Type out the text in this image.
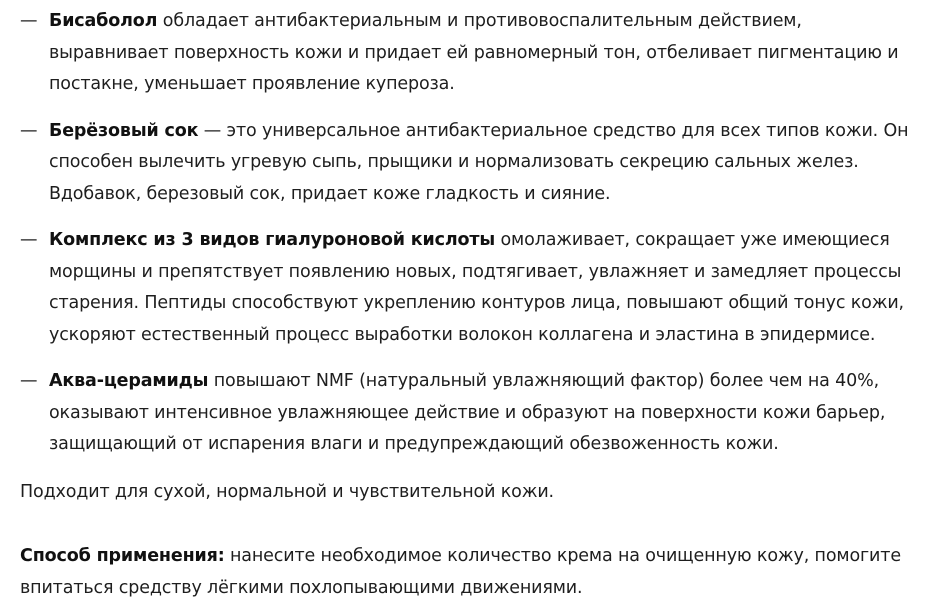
— Бисаболол обладает антибактериальным и противовоспалительным действием, выравнивает поверхность кожи и придает ей равномерный тон, отбеливает пигментацию и постакне, уменьшает проявление купероза.
— Берёзовый сок — это универсальное антибактериальное средство для всех типов кожи. Он способен вылечить угревую сыпь, прыщики и нормализовать секрецию сальных желез. Вдобавок, березовый сок, придает коже гладкость и сияние.
— Комплекс из 3 видов гиалуроновой кислоты омолаживает, сокращает уже имеющиеся морщины и препятствует появлению новых, подтягивает, увлажняет и замедляет процессы старения. Пептиды способствуют укреплению контуров лица, повышают общий тонус кожи, ускоряют естественный процесс выработки волокон коллагена и эластина в эпидермисе.
— Аква-церамиды повышают NMF (натуральный увлажняющий фактор) более чем на 40%, оказывают интенсивное увлажняющее действие и образуют на поверхности кожи барьер, защищающий от испарения влаги и предупреждающий обезвоженность кожи.
Подходит для сухой, нормальной и чувствительной кожи.
Способ применения: нанесите необходимое количество крема на очищенную кожу, помогите впитаться средству лёгкими похлопывающими движениями.
